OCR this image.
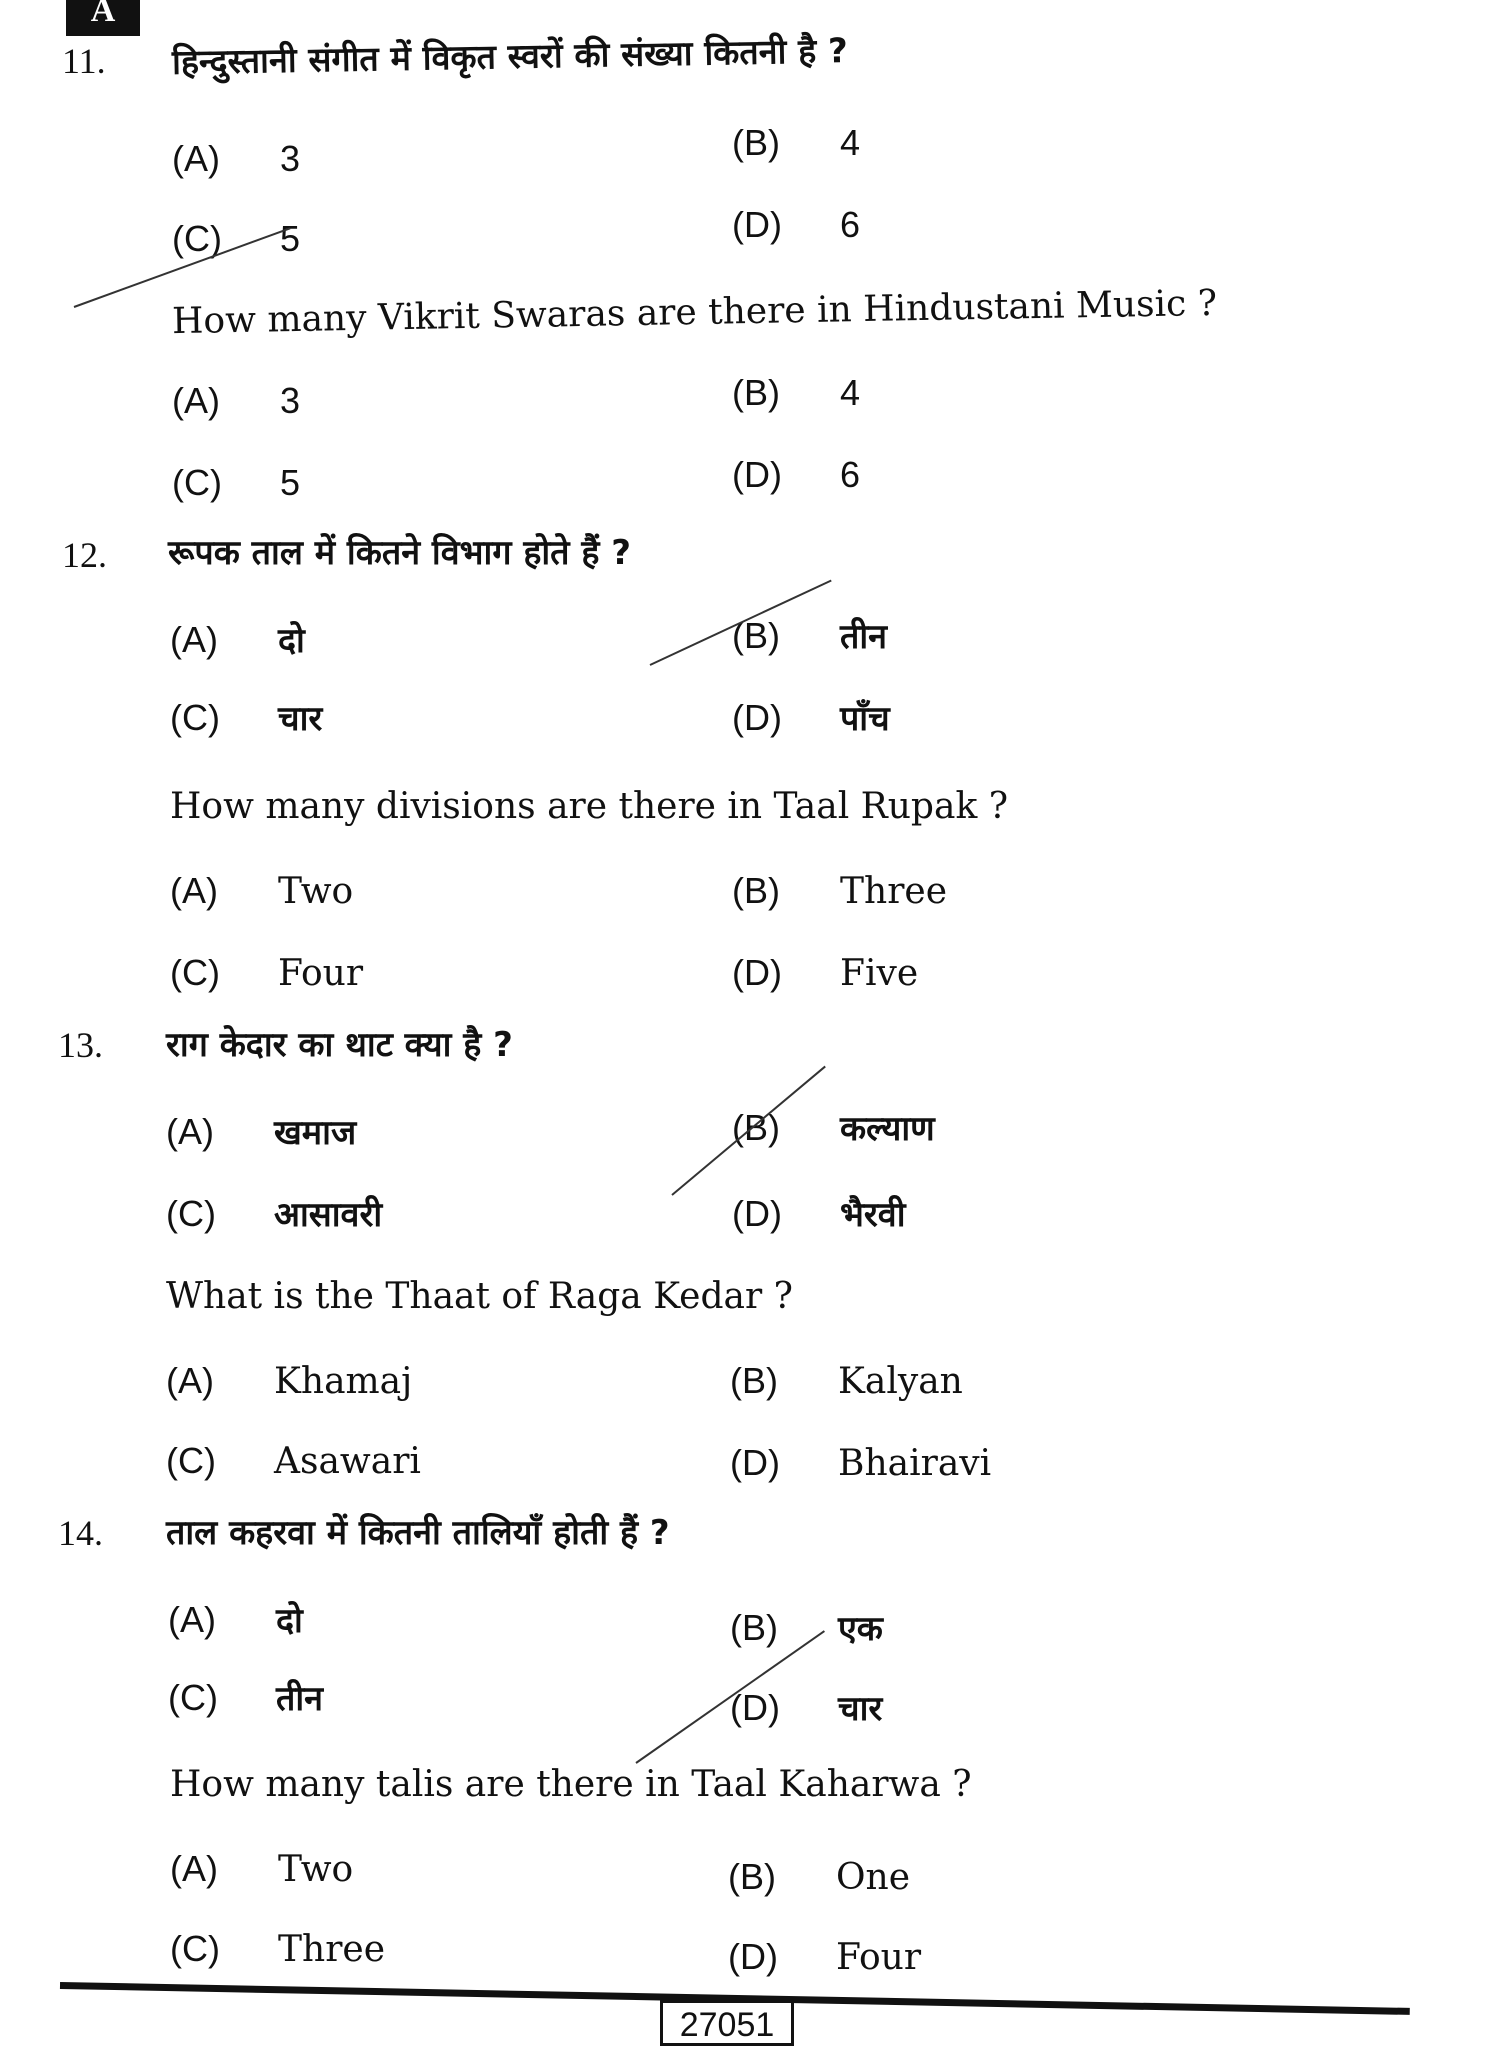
A
11. हिन्दुस्तानी संगीत में विकृत स्वरों की संख्या कितनी है ?
(A)	3	(B)	4
(C)	5	(D)	6
How many Vikrit Swaras are there in Hindustani Music ?
(A)	3	(B)	4
(C)	5	(D)	6
12. रूपक ताल में कितने विभाग होते हैं ?
(A)	दो	(B)	तीन
(C)	चार	(D)	पाँच
How many divisions are there in Taal Rupak ?
(A)	Two	(B)	Three
(C)	Four	(D)	Five
13. राग केदार का थाट क्या है ?
(A)	खमाज	(B)	कल्याण
(C)	आसावरी	(D)	भैरवी
What is the Thaat of Raga Kedar ?
(A)	Khamaj	(B)	Kalyan
(C)	Asawari	(D)	Bhairavi
14. ताल कहरवा में कितनी तालियाँ होती हैं ?
(A)	दो	(B)	एक
(C)	तीन	(D)	चार
How many talis are there in Taal Kaharwa ?
(A)	Two	(B)	One
(C)	Three	(D)	Four
27051
